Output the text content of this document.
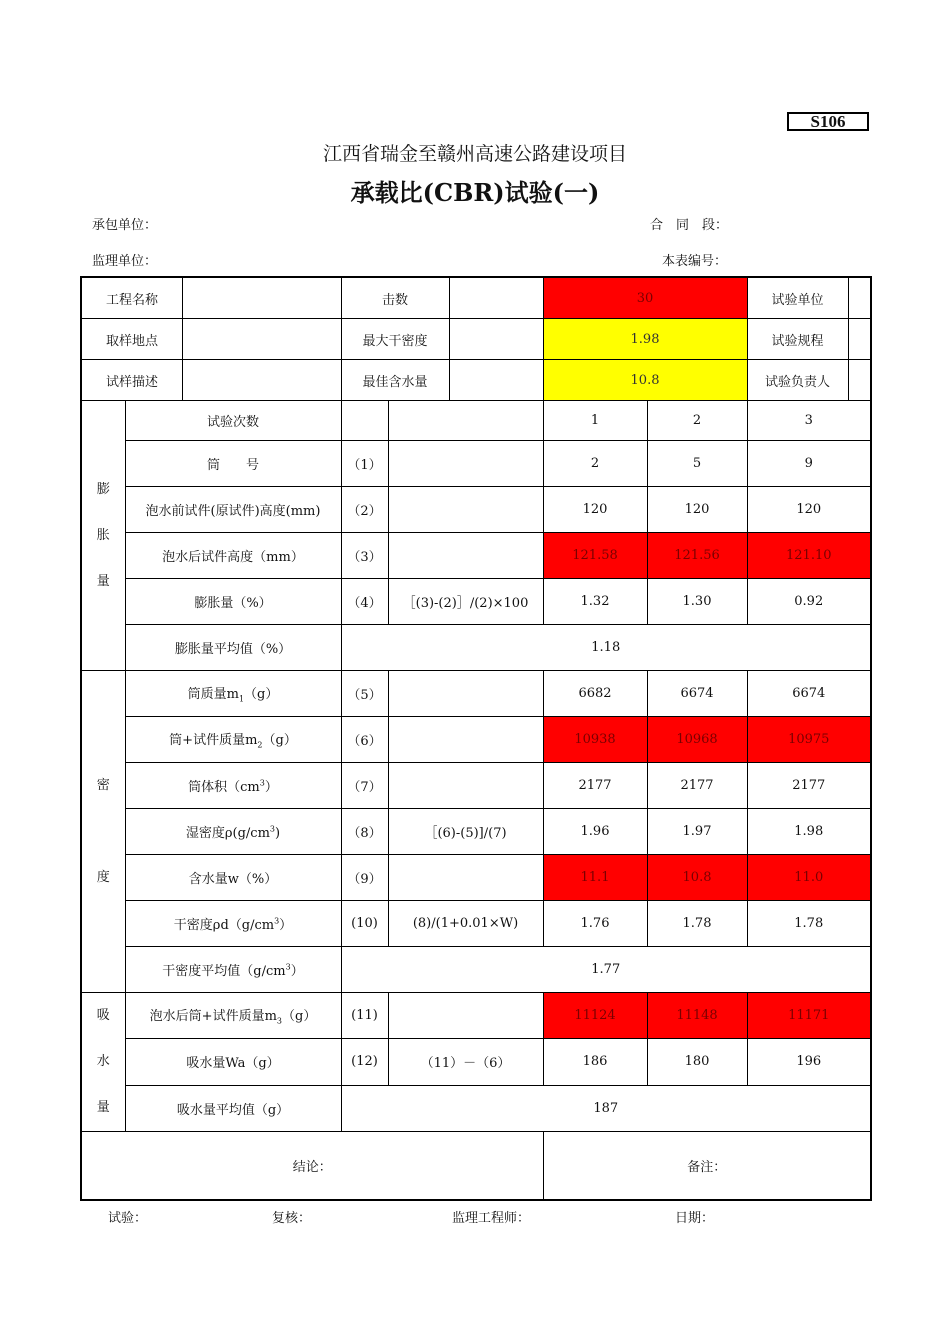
S106
江西省瑞金至赣州高速公路建设项目
承载比(CBR)试验(一)
承包单位：	合　同　段：
监理单位：	本表编号：
工程名称		击数		30		试验单位

取样地点		最大干密度		1.98		试验规程

试样描述		最佳含水量		10.8		试验负责人

膨
胀
量	试验次数			1	2	3
	筒　　号	（1）		2	5	9
	泡水前试件(原试件)高度(mm)	（2）		120	120	120
	泡水后试件高度（mm）	（3）		121.58	121.56	121.10
	膨胀量（%）	（4）	［(3)-(2)］/(2)×100	1.32	1.30	0.92
	膨胀量平均值（%）	1.18				

密
度	筒质量$m_1(g)$	（5）		6682	6674	6674
	筒+试件质量$m_2(g)$	（6）		10938	10968	10975
	筒体积$(cm^3)$	（7）		2177	2177	2177
	湿密度$\rho(g/cm^3)$	（8）	［(6)-(5)]/(7)	1.96	1.97	1.98
	含水量w（%）	（9）		11.1	10.8	11.0
	干密度$\rho d(g/cm^3)$	(10)	(8)/(1+0.01×W)	1.76	1.78	1.78
	干密度平均值$(g/cm^3)$	1.77				

吸
水
量	泡水后筒+试件质量$m_3(g)$	(11)		11124	11148	11171
	吸水量Wa（g）	(12)	（11）－（6）	186	180	196
	吸水量平均值（g）	187				
结论：				备注：		
试验：	复核：	监理工程师：	日期：
